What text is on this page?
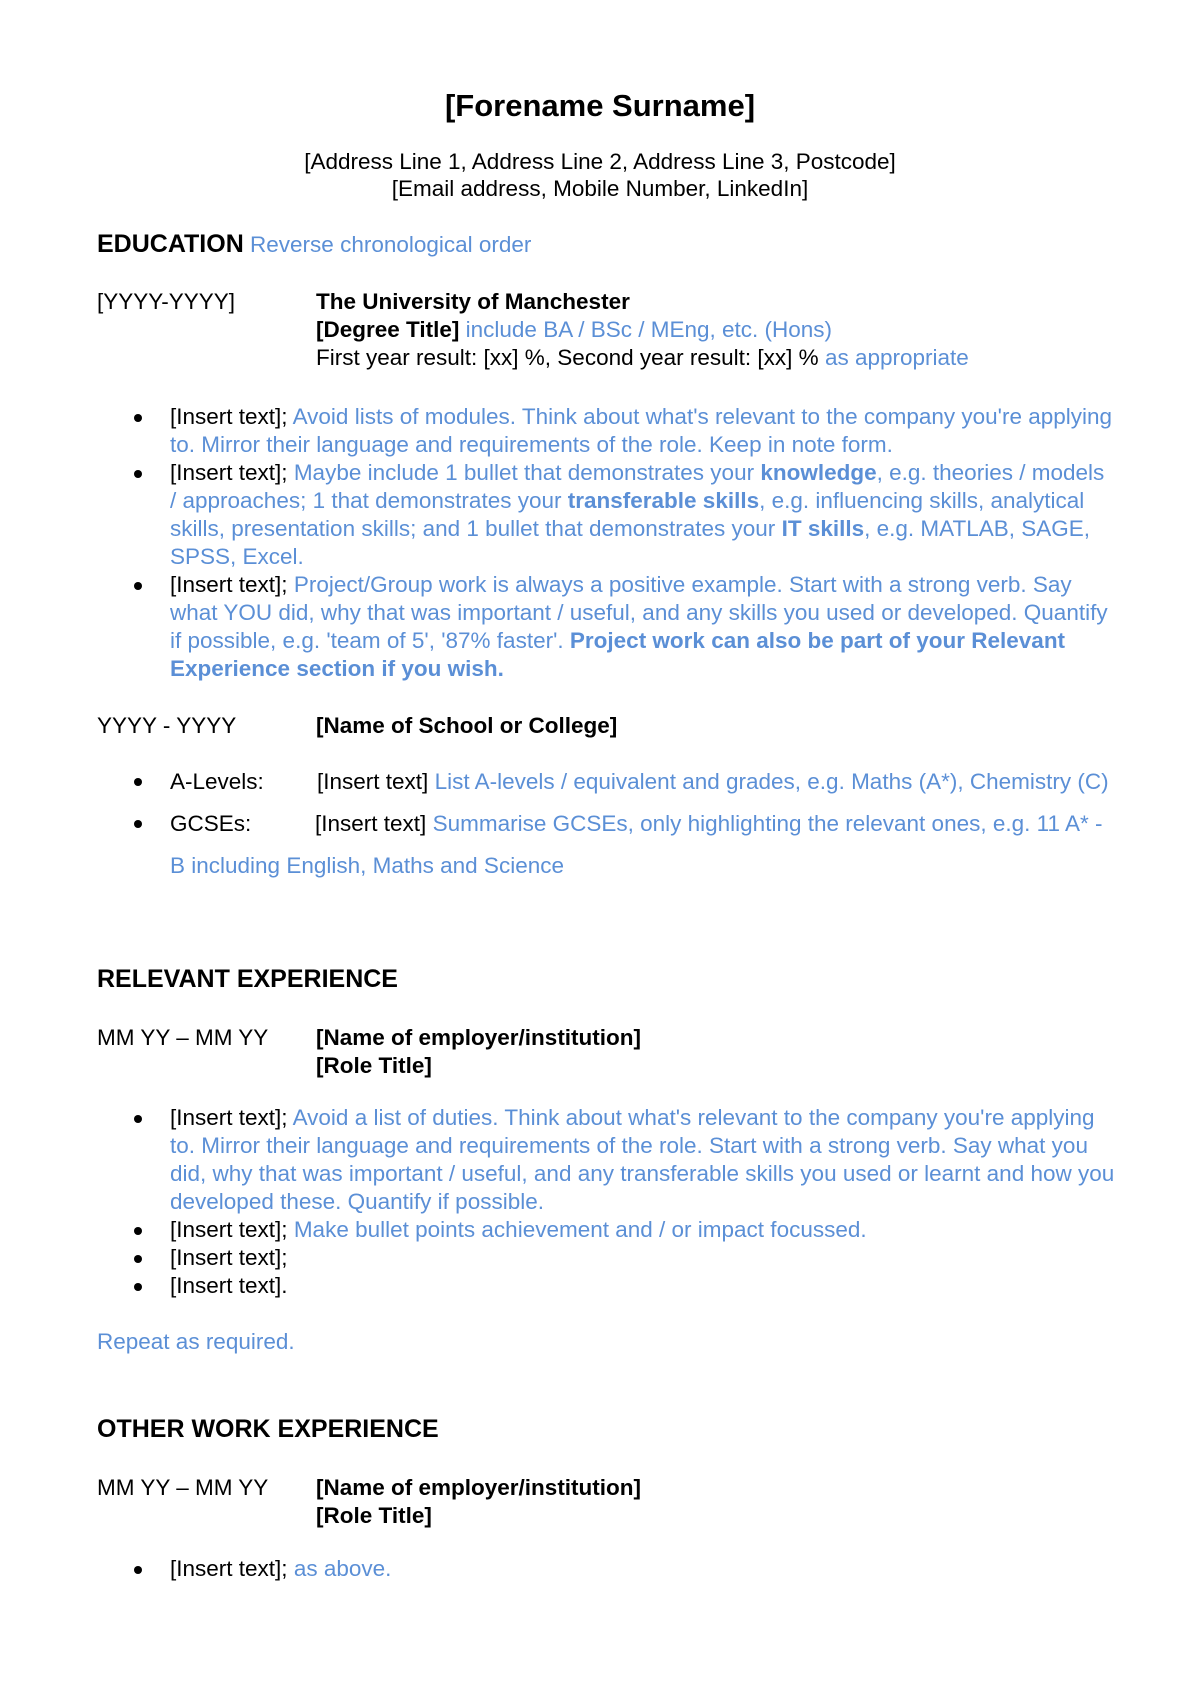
[Forename Surname]
[Address Line 1, Address Line 2, Address Line 3, Postcode]
[Email address, Mobile Number, LinkedIn]
EDUCATION Reverse chronological order
[YYYY-YYYY]	The University of Manchester
[Degree Title] include BA / BSc / MEng, etc. (Hons)
First year result: [xx] %, Second year result: [xx] % as appropriate
[Insert text]; Avoid lists of modules. Think about what's relevant to the company you're applying to. Mirror their language and requirements of the role. Keep in note form.
[Insert text]; Maybe include 1 bullet that demonstrates your knowledge, e.g. theories / models / approaches; 1 that demonstrates your transferable skills, e.g. influencing skills, analytical skills, presentation skills; and 1 bullet that demonstrates your IT skills, e.g. MATLAB, SAGE, SPSS, Excel.
[Insert text]; Project/Group work is always a positive example. Start with a strong verb. Say what YOU did, why that was important / useful, and any skills you used or developed. Quantify if possible, e.g. 'team of 5', '87% faster'. Project work can also be part of your Relevant Experience section if you wish.
YYYY - YYYY	[Name of School or College]
A-Levels: [Insert text] List A-levels / equivalent and grades, e.g. Maths (A*), Chemistry (C)
GCSEs:	[Insert text] Summarise GCSEs, only highlighting the relevant ones, e.g. 11 A* - B including English, Maths and Science
RELEVANT EXPERIENCE
MM YY – MM YY [Name of employer/institution]
[Role Title]
[Insert text]; Avoid a list of duties. Think about what's relevant to the company you're applying to. Mirror their language and requirements of the role. Start with a strong verb. Say what you did, why that was important / useful, and any transferable skills you used or learnt and how you developed these. Quantify if possible.
[Insert text]; Make bullet points achievement and / or impact focussed.
[Insert text];
[Insert text].
Repeat as required.
OTHER WORK EXPERIENCE
MM YY – MM YY [Name of employer/institution]
[Role Title]
[Insert text]; as above.
